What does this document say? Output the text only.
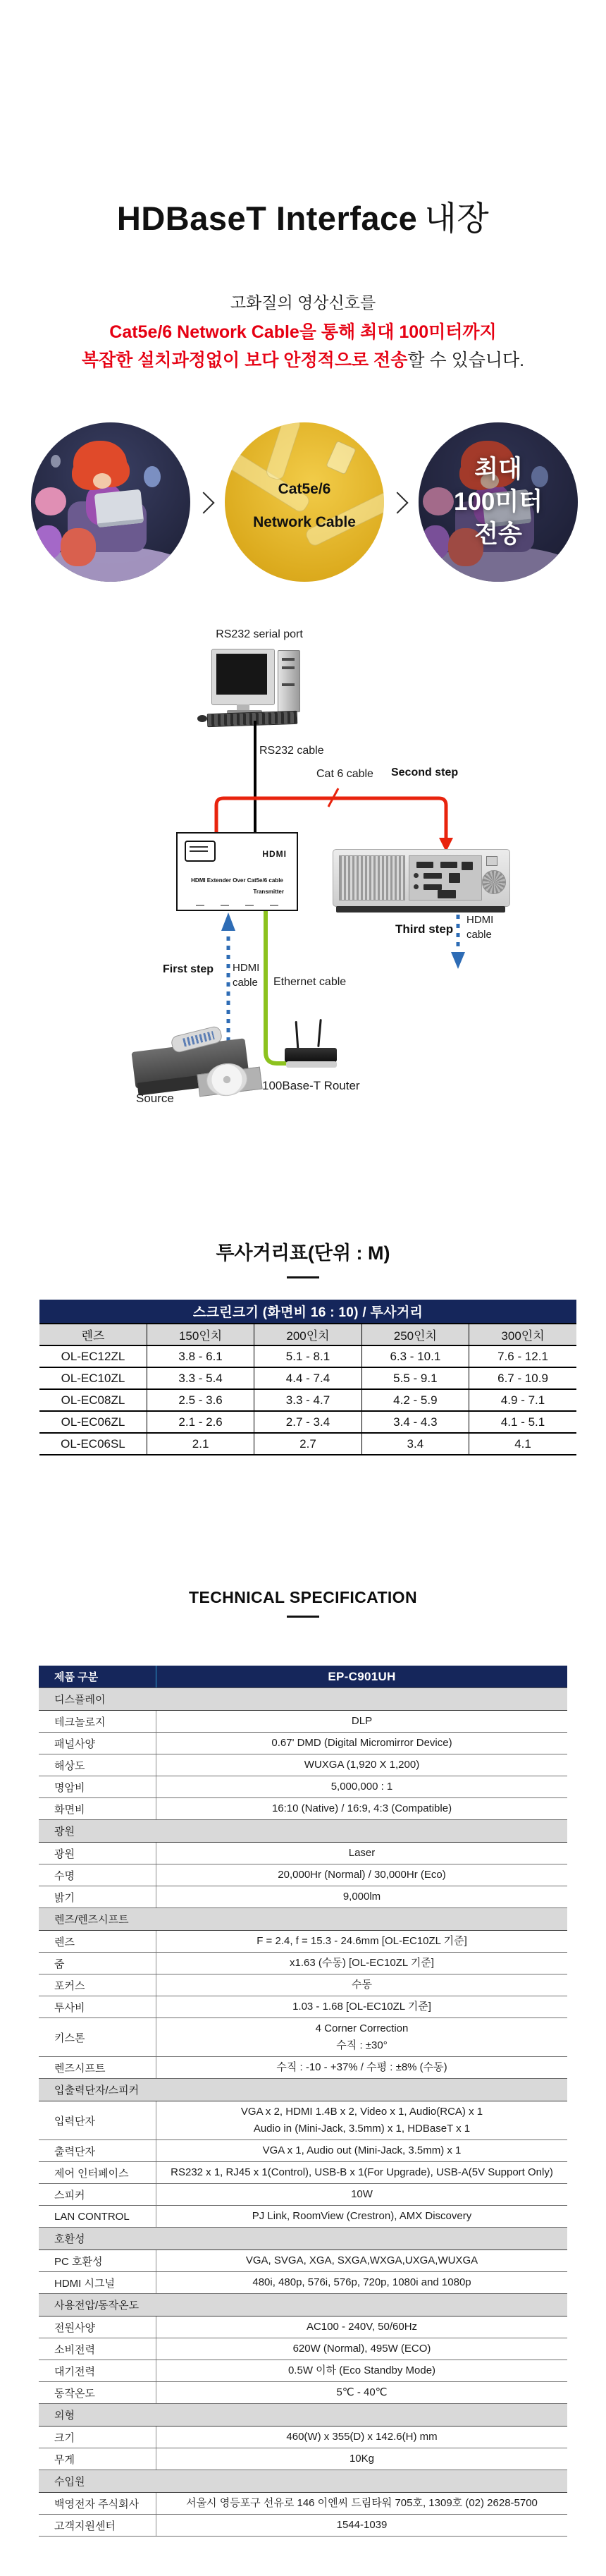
HDBaseT Interface 내장
고화질의 영상신호를
Cat5e/6 Network Cable을 통해 최대 100미터까지
복잡한 설치과정없이 보다 안정적으로 전송할 수 있습니다.
Cat5e/6
Network Cable
최대
100미터
전송
RS232 serial port
RS232 cable
Cat 6 cable Second step
HDMI
HDMI Extender Over Cat5e/6 cable
Transmitter
Third step
HDMI cable
First step HDMI cable	Ethernet cable
Source
100Base-T Router
투사거리표(단위 : M)
스크린크기 (화면비 16 : 10) / 투사거리				
렌즈	150인치	200인치	250인치	300인치
OL-EC12ZL	3.8 - 6.1	5.1 - 8.1	6.3 - 10.1	7.6 - 12.1
OL-EC10ZL	3.3 - 5.4	4.4 - 7.4	5.5 - 9.1	6.7 - 10.9
OL-EC08ZL	2.5 - 3.6	3.3 - 4.7	4.2 - 5.9	4.9 - 7.1
OL-EC06ZL	2.1 - 2.6	2.7 - 3.4	3.4 - 4.3	4.1 - 5.1
OL-EC06SL	2.1	2.7	3.4	4.1
TECHNICAL SPECIFICATION
제품 구분	EP-C901UH
디스플레이
테크놀로지	DLP
패널사양	0.67' DMD (Digital Micromirror Device)
해상도	WUXGA (1,920 X 1,200)
명암비	5,000,000 : 1
화면비	16:10 (Native) / 16:9, 4:3 (Compatible)
광원
광원	Laser
수명	20,000Hr (Normal) / 30,000Hr (Eco)
밝기	9,000lm
렌즈/렌즈시프트
렌즈	F = 2.4, f = 15.3 - 24.6mm [OL-EC10ZL 기준]
줌	x1.63 (수동) [OL-EC10ZL 기준]
포커스	수동
투사비	1.03 - 1.68 [OL-EC10ZL 기준]
키스톤
4 Corner Correction
수직 : ±30°
렌즈시프트	수직 : -10 - +37% / 수평 : ±8% (수동)
입출력단자/스피커
입력단자
VGA x 2, HDMI 1.4B x 2, Video x 1, Audio(RCA) x 1
Audio in (Mini-Jack, 3.5mm) x 1, HDBaseT x 1
출력단자	VGA x 1, Audio out (Mini-Jack, 3.5mm) x 1
제어 인터페이스	RS232 x 1, RJ45 x 1(Control), USB-B x 1(For Upgrade), USB-A(5V Support Only)
스피커	10W
LAN CONTROL	PJ Link, RoomView (Crestron), AMX Discovery
호환성
PC 호환성	VGA, SVGA, XGA, SXGA,WXGA,UXGA,WUXGA
HDMI 시그널	480i, 480p, 576i, 576p, 720p, 1080i and 1080p
사용전압/동작온도
전원사양	AC100 - 240V, 50/60Hz
소비전력	620W (Normal), 495W (ECO)
대기전력	0.5W 이하 (Eco Standby Mode)
동작온도	5℃ - 40℃
외형
크기	460(W) x 355(D) x 142.6(H) mm
무게	10Kg
수입원
백영전자 주식회사	서울시 영등포구 선유로 146 이엔씨 드림타워 705호, 1309호 (02) 2628-5700
고객지원센터	1544-1039
